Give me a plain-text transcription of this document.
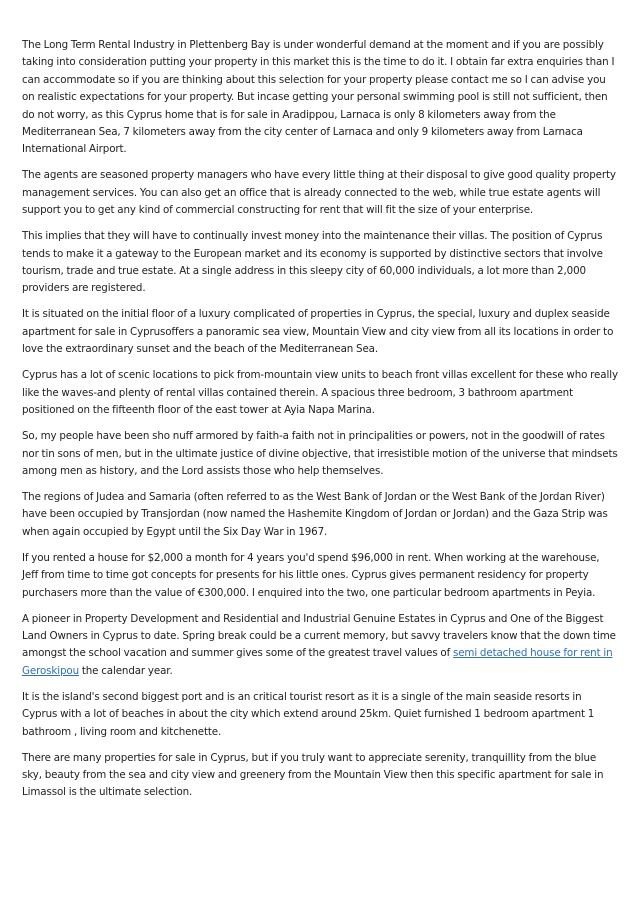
The Long Term Rental Industry in Plettenberg Bay is under wonderful demand at the moment and if you are possibly taking into consideration putting your property in this market this is the time to do it. I obtain far extra enquiries than I can accommodate so if you are thinking about this selection for your property please contact me so I can advise you on realistic expectations for your property. But incase getting your personal swimming pool is still not sufficient, then do not worry, as this Cyprus home that is for sale in Aradippou, Larnaca is only 8 kilometers away from the Mediterranean Sea, 7 kilometers away from the city center of Larnaca and only 9 kilometers away from Larnaca International Airport.

The agents are seasoned property managers who have every little thing at their disposal to give good quality property management services. You can also get an office that is already connected to the web, while true estate agents will support you to get any kind of commercial constructing for rent that will fit the size of your enterprise.

This implies that they will have to continually invest money into the maintenance their villas. The position of Cyprus tends to make it a gateway to the European market and its economy is supported by distinctive sectors that involve tourism, trade and true estate. At a single address in this sleepy city of 60,000 individuals, a lot more than 2,000 providers are registered.

It is situated on the initial floor of a luxury complicated of properties in Cyprus, the special, luxury and duplex seaside apartment for sale in Cyprusoffers a panoramic sea view, Mountain View and city view from all its locations in order to love the extraordinary sunset and the beach of the Mediterranean Sea.

Cyprus has a lot of scenic locations to pick from-mountain view units to beach front villas excellent for these who really like the waves-and plenty of rental villas contained therein. A spacious three bedroom, 3 bathroom apartment positioned on the fifteenth floor of the east tower at Ayia Napa Marina.

So, my people have been sho nuff armored by faith-a faith not in principalities or powers, not in the goodwill of rates nor tin sons of men, but in the ultimate justice of divine objective, that irresistible motion of the universe that mindsets among men as history, and the Lord assists those who help themselves.

The regions of Judea and Samaria (often referred to as the West Bank of Jordan or the West Bank of the Jordan River) have been occupied by Transjordan (now named the Hashemite Kingdom of Jordan or Jordan) and the Gaza Strip was when again occupied by Egypt until the Six Day War in 1967.

If you rented a house for $2,000 a month for 4 years you'd spend $96,000 in rent. When working at the warehouse, Jeff from time to time got concepts for presents for his little ones. Cyprus gives permanent residency for property purchasers more than the value of €300,000. I enquired into the two, one particular bedroom apartments in Peyia.

A pioneer in Property Development and Residential and Industrial Genuine Estates in Cyprus and One of the Biggest Land Owners in Cyprus to date. Spring break could be a current memory, but savvy travelers know that the down time amongst the school vacation and summer gives some of the greatest travel values of semi detached house for rent in Geroskipou the calendar year.

It is the island's second biggest port and is an critical tourist resort as it is a single of the main seaside resorts in Cyprus with a lot of beaches in about the city which extend around 25km. Quiet furnished 1 bedroom apartment 1 bathroom , living room and kitchenette.

There are many properties for sale in Cyprus, but if you truly want to appreciate serenity, tranquillity from the blue sky, beauty from the sea and city view and greenery from the Mountain View then this specific apartment for sale in Limassol is the ultimate selection.
